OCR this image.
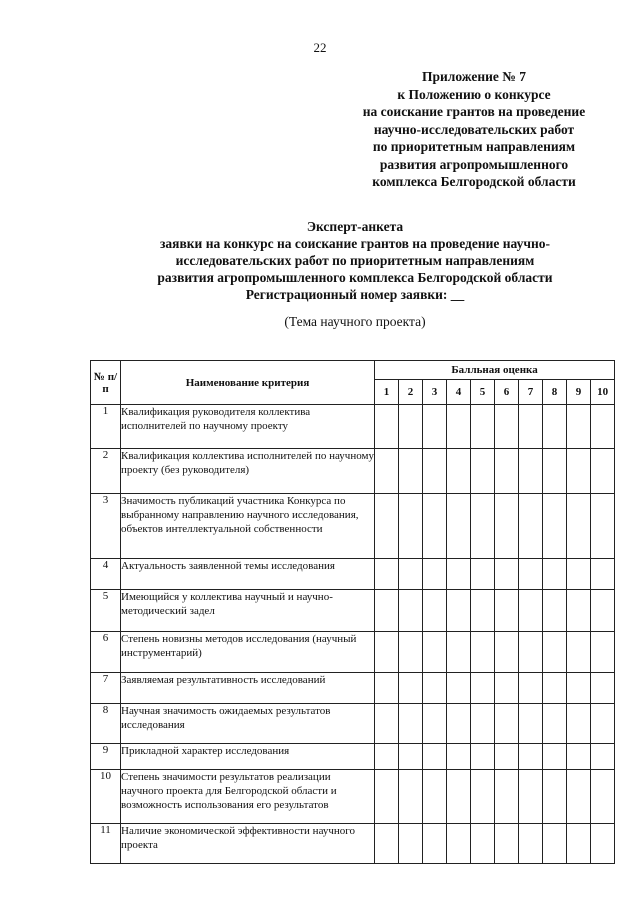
22
Приложение № 7
к Положению о конкурсе
на соискание грантов на проведение
научно-исследовательских работ
по приоритетным направлениям
развития агропромышленного
комплекса Белгородской области
Эксперт-анкета
заявки на конкурс на соискание грантов на проведение научно-
исследовательских работ по приоритетным направлениям
развития агропромышленного комплекса Белгородской области
Регистрационный номер заявки: __
(Тема научного проекта)
№ п/п	Наименование критерия	Балльная оценка									
		1	2	3	4	5	6	7	8	9	10
1	Квалификация руководителя коллектива исполнителей по научному проекту										
2	Квалификация коллектива исполнителей по научному проекту (без руководителя)										
3	Значимость публикаций участника Конкурса по выбранному направлению научного исследования, объектов интеллектуальной собственности										
4	Актуальность заявленной темы исследования										
5	Имеющийся у коллектива научный и научно-методический задел										
6	Степень новизны методов исследования (научный инструментарий)										
7	Заявляемая результативность исследований										
8	Научная значимость ожидаемых результатов исследования										
9	Прикладной характер исследования										
10	Степень значимости результатов реализации научного проекта для Белгородской области и возможность использования его результатов										
11	Наличие экономической эффективности научного проекта										
